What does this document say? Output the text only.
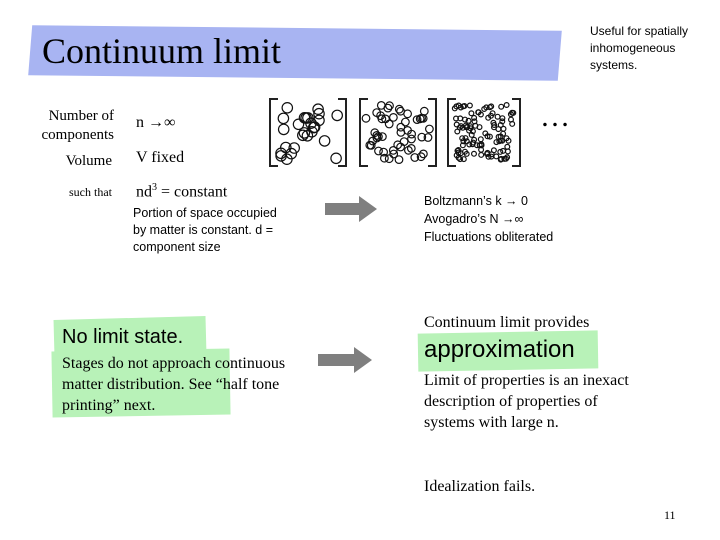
Continuum limit	Useful for spatially inhomogeneous systems.
Number of components
n →∞
Volume V fixed
such that $nd^3$ = constant
Portion of space occupied by matter is constant. d = component size
…
Boltzmann’s k → 0
Avogadro’s N →∞
Fluctuations obliterated
No limit state.
Stages do not approach continuous matter distribution. See “half tone printing” next.
Continuum limit provides
approximation
Limit of properties is an inexact description of properties of systems with large n.
Idealization fails.
11
